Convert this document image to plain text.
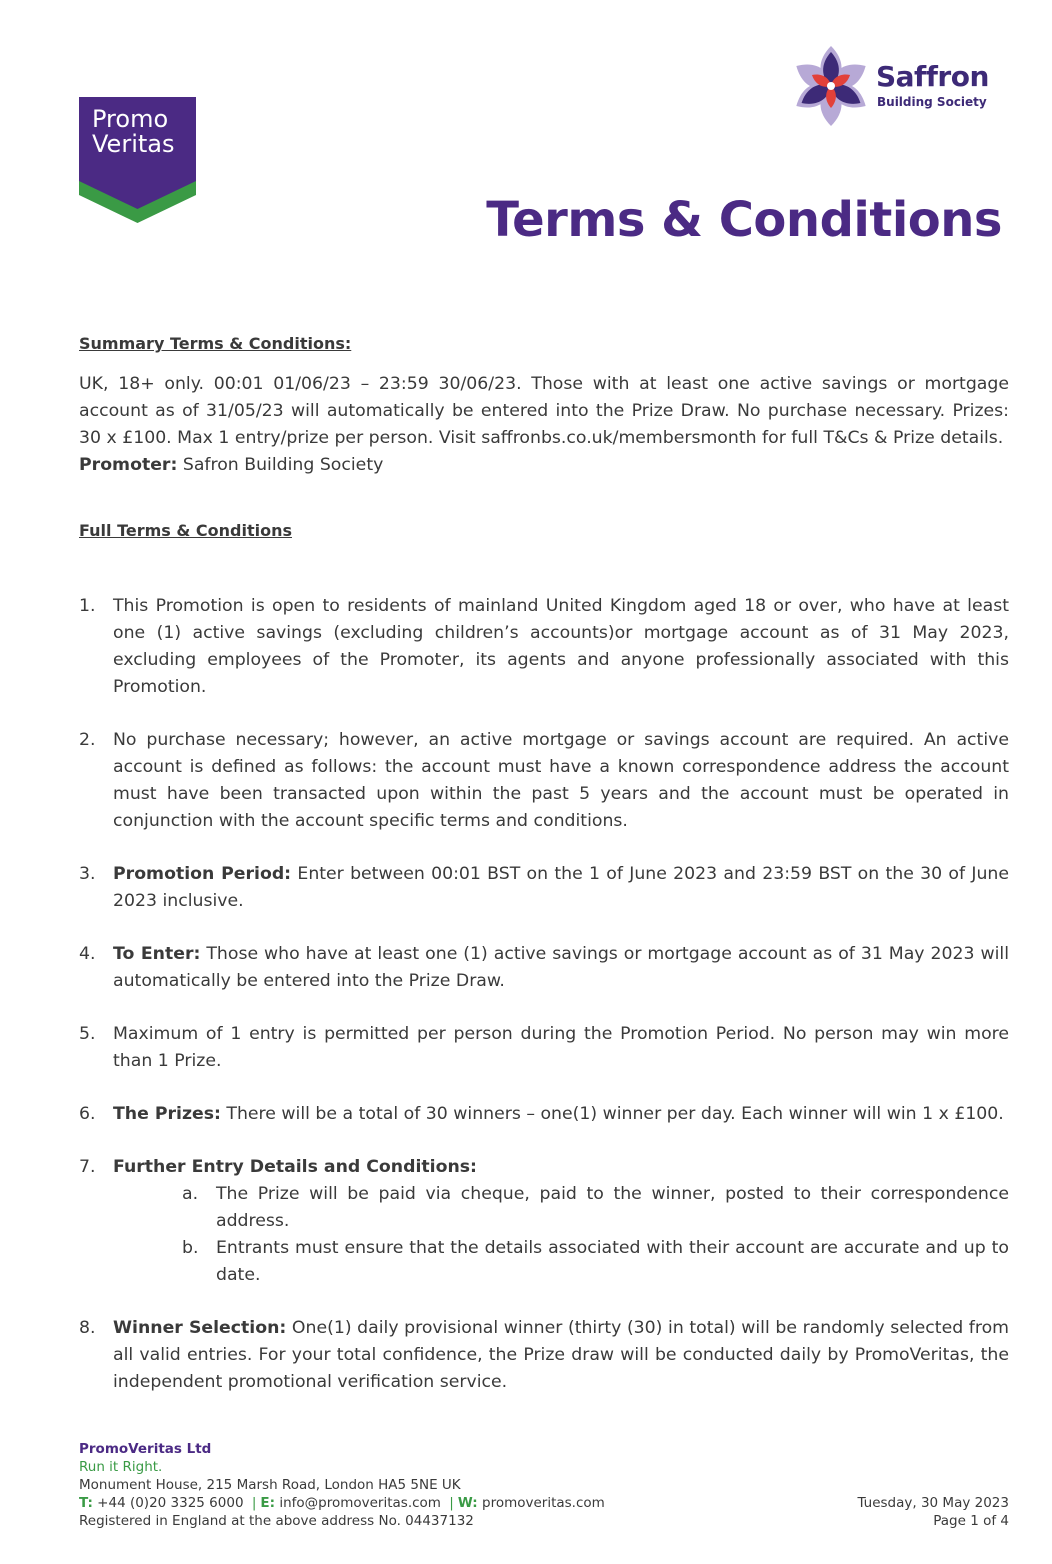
Promo
Veritas
Saffron
Building Society
Terms & Conditions

Summary Terms & Conditions:

UK, 18+ only. 00:01 01/06/23 – 23:59 30/06/23. Those with at least one active savings or mortgage account as of 31/05/23 will automatically be entered into the Prize Draw. No purchase necessary. Prizes: 30 x £100. Max 1 entry/prize per person. Visit saffronbs.co.uk/membersmonth for full T&Cs & Prize details.
Promoter: Safron Building Society

Full Terms & Conditions

1. This Promotion is open to residents of mainland United Kingdom aged 18 or over, who have at least one (1) active savings (excluding children’s accounts)or mortgage account as of 31 May 2023, excluding employees of the Promoter, its agents and anyone professionally associated with this Promotion.
2. No purchase necessary; however, an active mortgage or savings account are required. An active account is defined as follows: the account must have a known correspondence address the account must have been transacted upon within the past 5 years and the account must be operated in conjunction with the account specific terms and conditions.
3. Promotion Period: Enter between 00:01 BST on the 1 of June 2023 and 23:59 BST on the 30 of June 2023 inclusive.
4. To Enter: Those who have at least one (1) active savings or mortgage account as of 31 May 2023 will automatically be entered into the Prize Draw.
5. Maximum of 1 entry is permitted per person during the Promotion Period. No person may win more than 1 Prize.
6. The Prizes: There will be a total of 30 winners – one(1) winner per day. Each winner will win 1 x £100.
7. Further Entry Details and Conditions:
a. The Prize will be paid via cheque, paid to the winner, posted to their correspondence address.
b. Entrants must ensure that the details associated with their account are accurate and up to date.
8. Winner Selection: One(1) daily provisional winner (thirty (30) in total) will be randomly selected from all valid entries. For your total confidence, the Prize draw will be conducted daily by PromoVeritas, the independent promotional verification service.
PromoVeritas Ltd
Run it Right.
Monument House, 215 Marsh Road, London HA5 5NE UK
T: +44 (0)20 3325 6000 | E: info@promoveritas.com | W: promoveritas.com
Registered in England at the above address No. 04437132
Tuesday, 30 May 2023
Page 1 of 4
